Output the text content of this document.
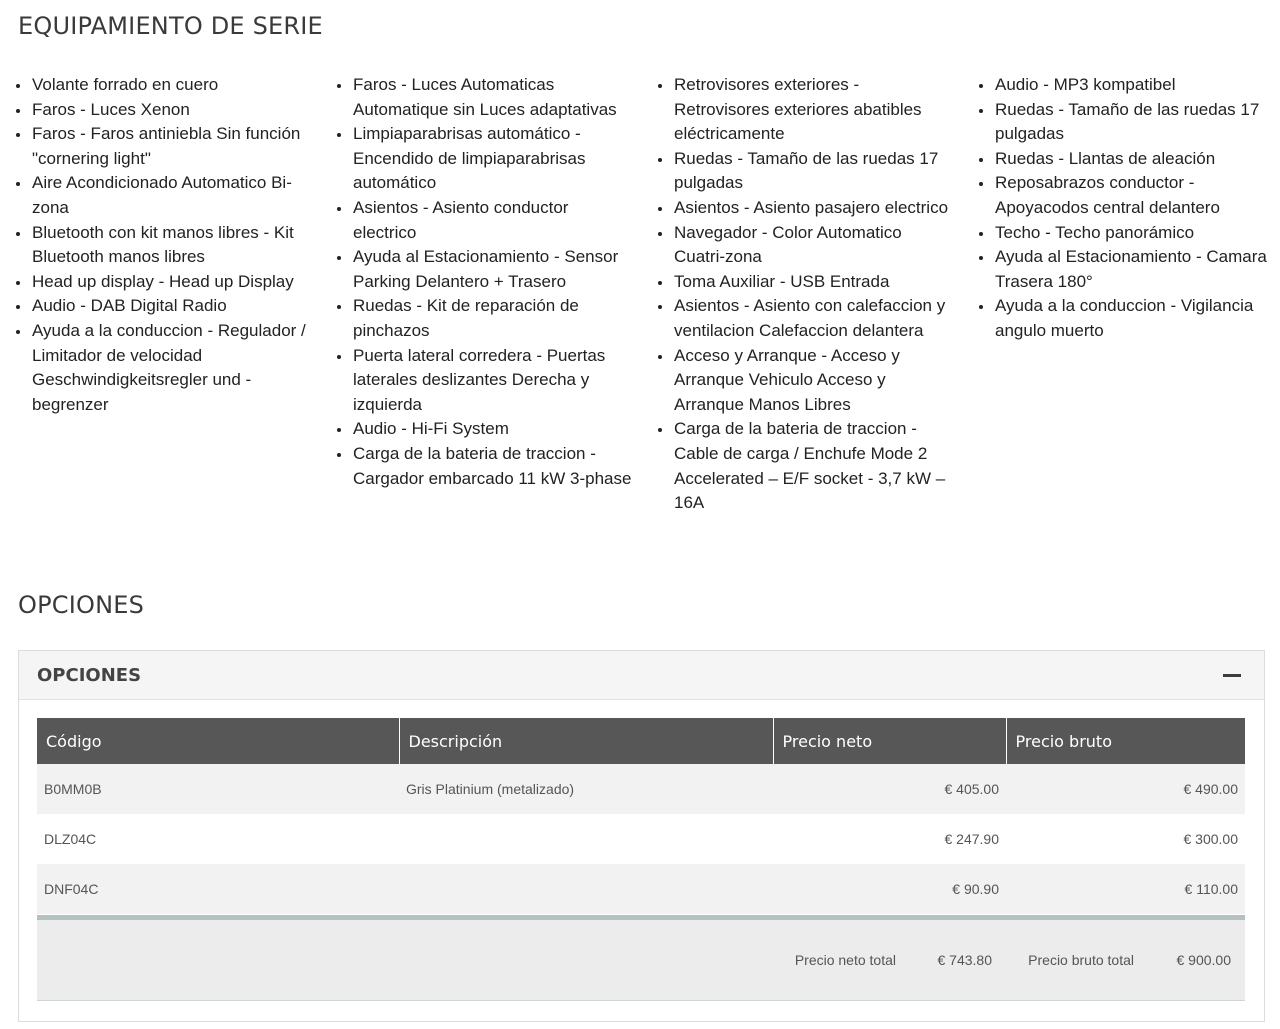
EQUIPAMIENTO DE SERIE
• Volante forrado en cuero
• Faros - Luces Xenon
• Faros - Faros antiniebla Sin función "cornering light"
• Aire Acondicionado Automatico Bi-zona
• Bluetooth con kit manos libres - Kit Bluetooth manos libres
• Head up display - Head up Display
• Audio - DAB Digital Radio
• Ayuda a la conduccion - Regulador / Limitador de velocidad Geschwindigkeitsregler und -begrenzer
• Faros - Luces Automaticas Automatique sin Luces adaptativas
• Limpiaparabrisas automático - Encendido de limpiaparabrisas automático
• Asientos - Asiento conductor electrico
• Ayuda al Estacionamiento - Sensor Parking Delantero + Trasero
• Ruedas - Kit de reparación de pinchazos
• Puerta lateral corredera - Puertas laterales deslizantes Derecha y izquierda
• Audio - Hi-Fi System
• Carga de la bateria de traccion - Cargador embarcado 11 kW 3-phase
• Retrovisores exteriores - Retrovisores exteriores abatibles eléctricamente
• Ruedas - Tamaño de las ruedas 17 pulgadas
• Asientos - Asiento pasajero electrico
• Navegador - Color Automatico Cuatri-zona
• Toma Auxiliar - USB Entrada
• Asientos - Asiento con calefaccion y ventilacion Calefaccion delantera
• Acceso y Arranque - Acceso y Arranque Vehiculo Acceso y Arranque Manos Libres
• Carga de la bateria de traccion - Cable de carga / Enchufe Mode 2 Accelerated – E/F socket - 3,7 kW – 16A
• Audio - MP3 kompatibel
• Ruedas - Tamaño de las ruedas 17 pulgadas
• Ruedas - Llantas de aleación
• Reposabrazos conductor - Apoyacodos central delantero
• Techo - Techo panorámico
• Ayuda al Estacionamiento - Camara Trasera 180°
• Ayuda a la conduccion - Vigilancia angulo muerto
OPCIONES
OPCIONES
Código	Descripción	Precio neto	Precio bruto
B0MM0B	Gris Platinium (metalizado)	€ 405.00	€ 490.00
DLZ04C		€ 247.90	€ 300.00
DNF04C		€ 90.90	€ 110.00
Precio neto total	€ 743.80	Precio bruto total	€ 900.00
